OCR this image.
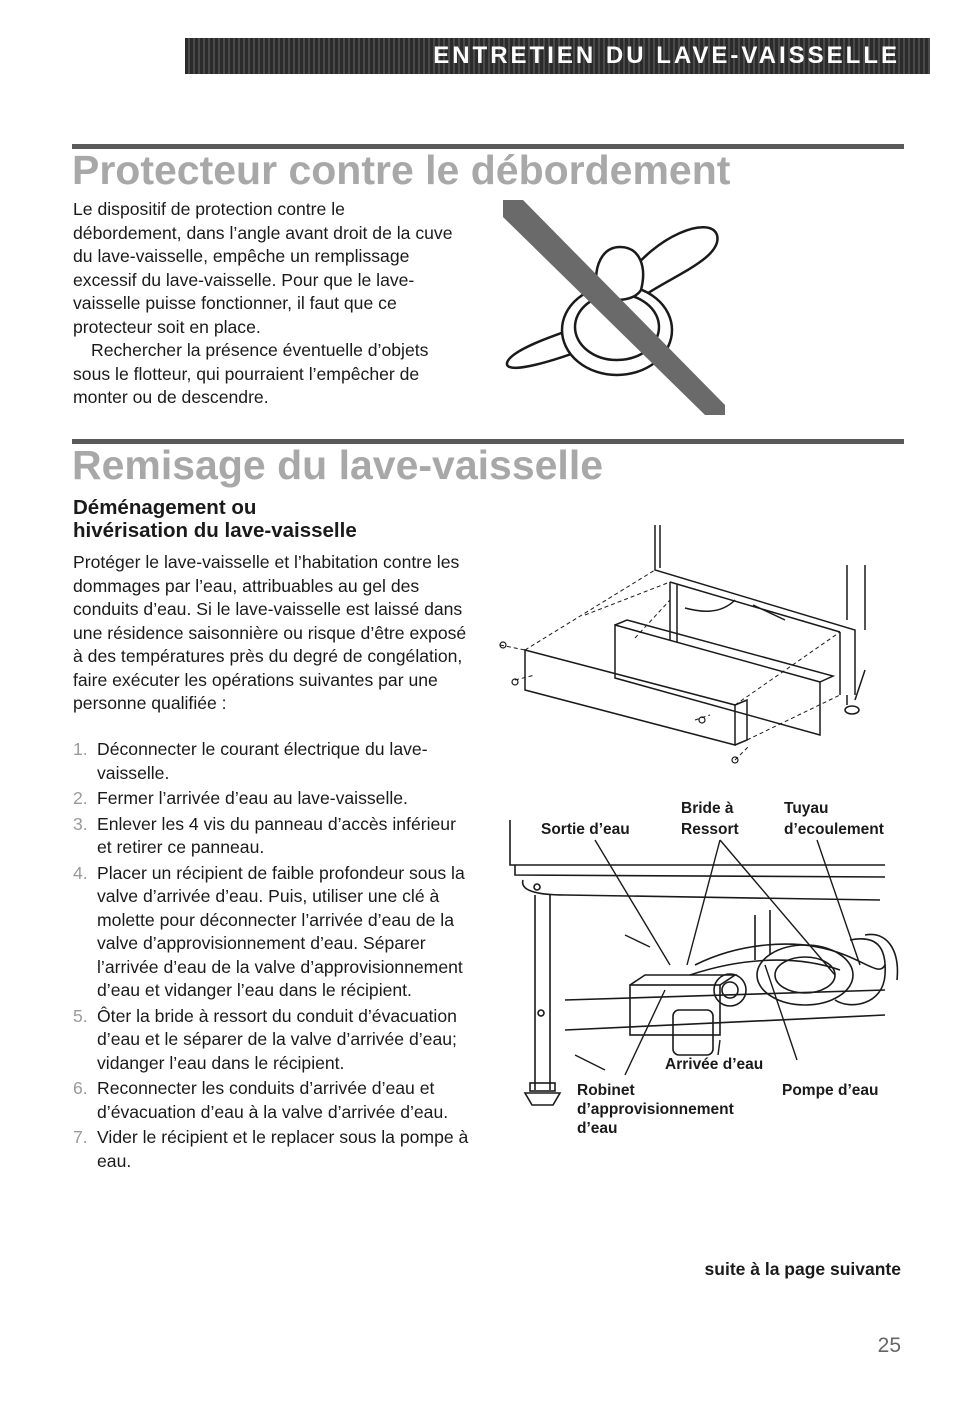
ENTRETIEN DU LAVE-VAISSELLE
Protecteur contre le débordement

Le dispositif de protection contre le débordement, dans l’angle avant droit de la cuve du lave-vaisselle, empêche un remplissage excessif du lave-vaisselle. Pour que le lave-vaisselle puisse fonctionner, il faut que ce protecteur soit en place.

Rechercher la présence éventuelle d’objets sous le flotteur, qui pourraient l’empêcher de monter ou de descendre.

Remisage du lave-vaisselle
Déménagement ou
hivérisation du lave-vaisselle

Protéger le lave-vaisselle et l’habitation contre les dommages par l’eau, attribuables au gel des conduits d’eau. Si le lave-vaisselle est laissé dans une résidence saisonnière ou risque d’être exposé à des températures près du degré de congélation, faire exécuter les opérations suivantes par une personne qualifiée :

1. Déconnecter le courant électrique du lave-vaisselle.
2. Fermer l’arrivée d’eau au lave-vaisselle.
3. Enlever les 4 vis du panneau d’accès inférieur et retirer ce panneau.
4. Placer un récipient de faible profondeur sous la valve d’arrivée d’eau. Puis, utiliser une clé à molette pour déconnecter l’arrivée d’eau de la valve d’approvisionnement d’eau. Séparer l’arrivée d’eau de la valve d’approvisionnement d’eau et vidanger l’eau dans le récipient.
5. Ôter la bride à ressort du conduit d’évacuation d’eau et le séparer de la valve d’arrivée d’eau; vidanger l’eau dans le récipient.
6. Reconnecter les conduits d’arrivée d’eau et d’évacuation d’eau à la valve d’arrivée d’eau.
7. Vider le récipient et le replacer sous la pompe à eau.
Bride à	Tuyau
Sortie d’eau	Ressort	d’ecoulement
Arrivée d’eau
Robinet
d’approvisionnement
d’eau
Pompe d’eau

suite à la page suivante

25
